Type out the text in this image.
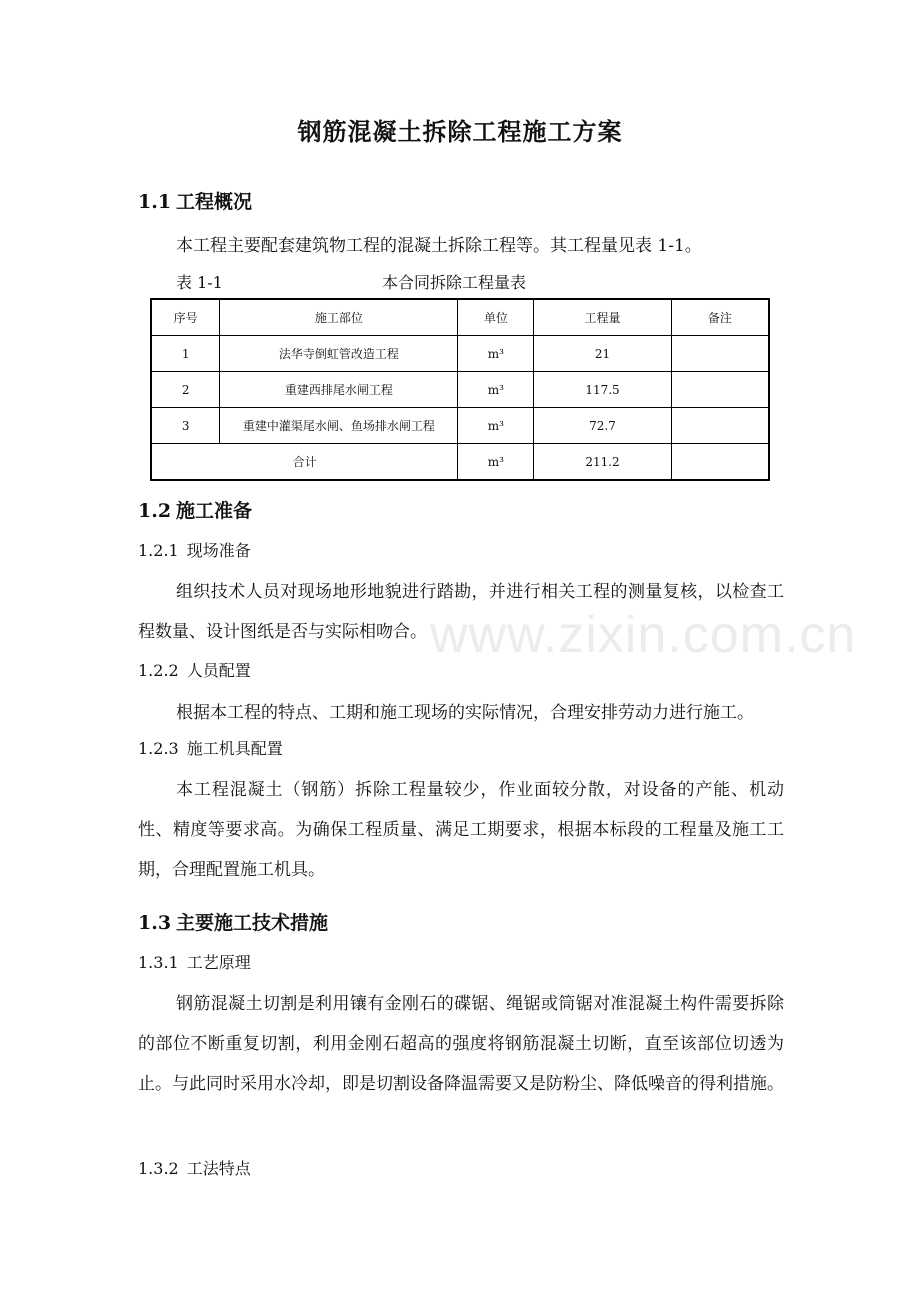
www.zixin.com.cn
钢筋混凝土拆除工程施工方案
1.1 工程概况
本工程主要配套建筑物工程的混凝土拆除工程等。其工程量见表 1-1。
表 1-1	本合同拆除工程量表
序号	施工部位	单位	工程量	备注
1	法华寺倒虹管改造工程	m³	21	
2	重建西排尾水闸工程	m³	117.5	
3	重建中灌渠尾水闸、鱼场排水闸工程	m³	72.7	
合计		m³	211.2	
1.2 施工准备
1.2.1 现场准备
组织技术人员对现场地形地貌进行踏勘，并进行相关工程的测量复核，以检查工程数量、设计图纸是否与实际相吻合。
1.2.2 人员配置
根据本工程的特点、工期和施工现场的实际情况，合理安排劳动力进行施工。
1.2.3 施工机具配置
本工程混凝土（钢筋）拆除工程量较少，作业面较分散，对设备的产能、机动性、精度等要求高。为确保工程质量、满足工期要求，根据本标段的工程量及施工工期，合理配置施工机具。
1.3 主要施工技术措施
1.3.1 工艺原理
钢筋混凝土切割是利用镶有金刚石的碟锯、绳锯或筒锯对准混凝土构件需要拆除的部位不断重复切割，利用金刚石超高的强度将钢筋混凝土切断，直至该部位切透为止。与此同时采用水冷却，即是切割设备降温需要又是防粉尘、降低噪音的得利措施。
1.3.2 工法特点
